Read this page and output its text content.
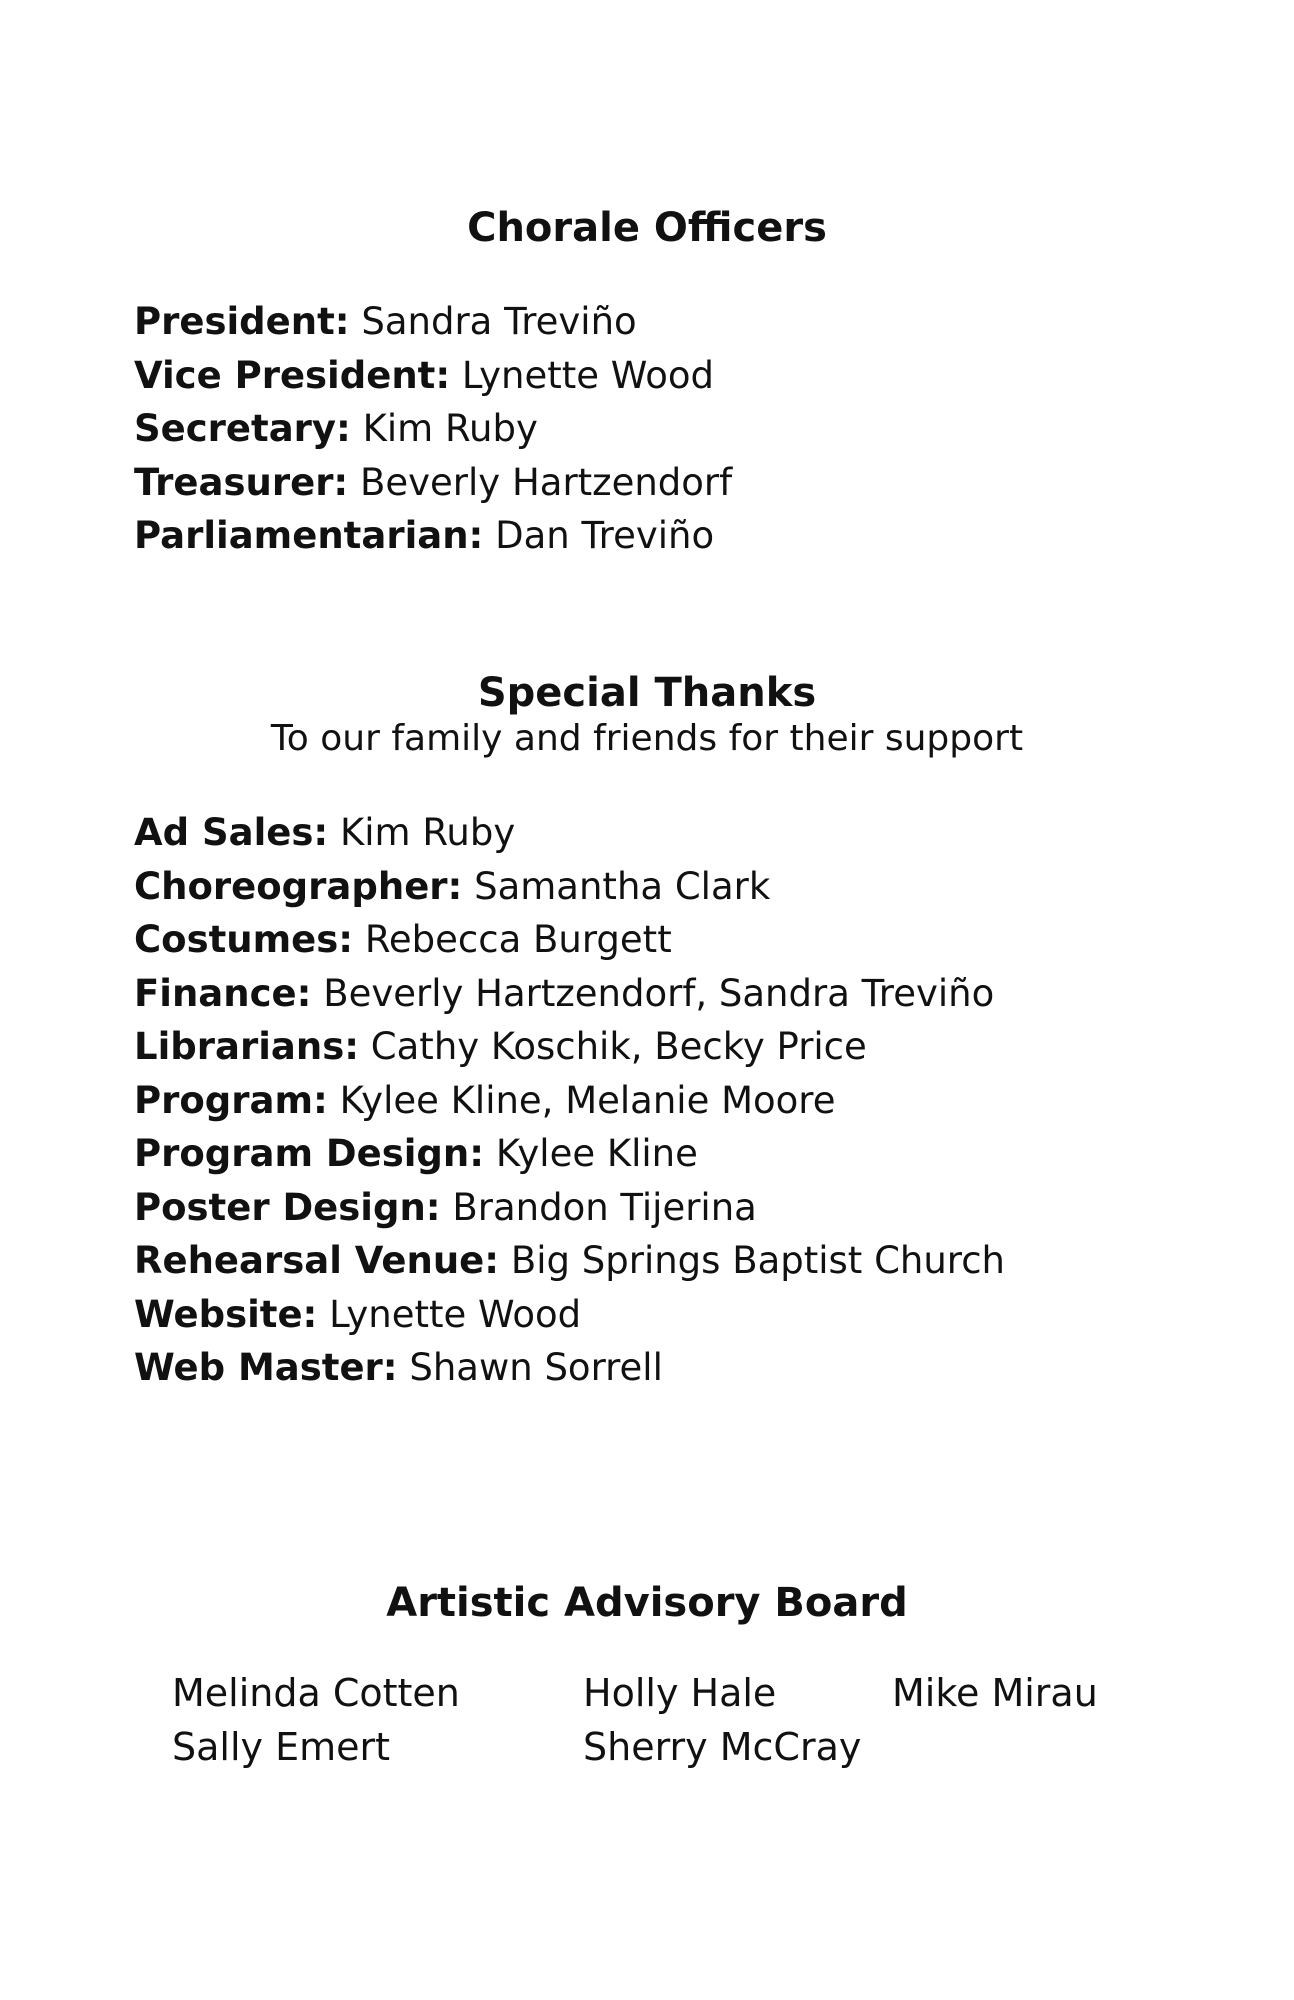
Chorale Officers
President: Sandra Treviño
Vice President: Lynette Wood
Secretary: Kim Ruby
Treasurer: Beverly Hartzendorf
Parliamentarian: Dan Treviño
Special Thanks

To our family and friends for their support

Ad Sales: Kim Ruby
Choreographer: Samantha Clark
Costumes: Rebecca Burgett
Finance: Beverly Hartzendorf, Sandra Treviño
Librarians: Cathy Koschik, Becky Price
Program: Kylee Kline, Melanie Moore
Program Design: Kylee Kline
Poster Design: Brandon Tijerina
Rehearsal Venue: Big Springs Baptist Church
Website: Lynette Wood
Web Master: Shawn Sorrell
Artistic Advisory Board
Melinda Cotten
Sally Emert
Holly Hale
Sherry McCray
Mike Mirau
